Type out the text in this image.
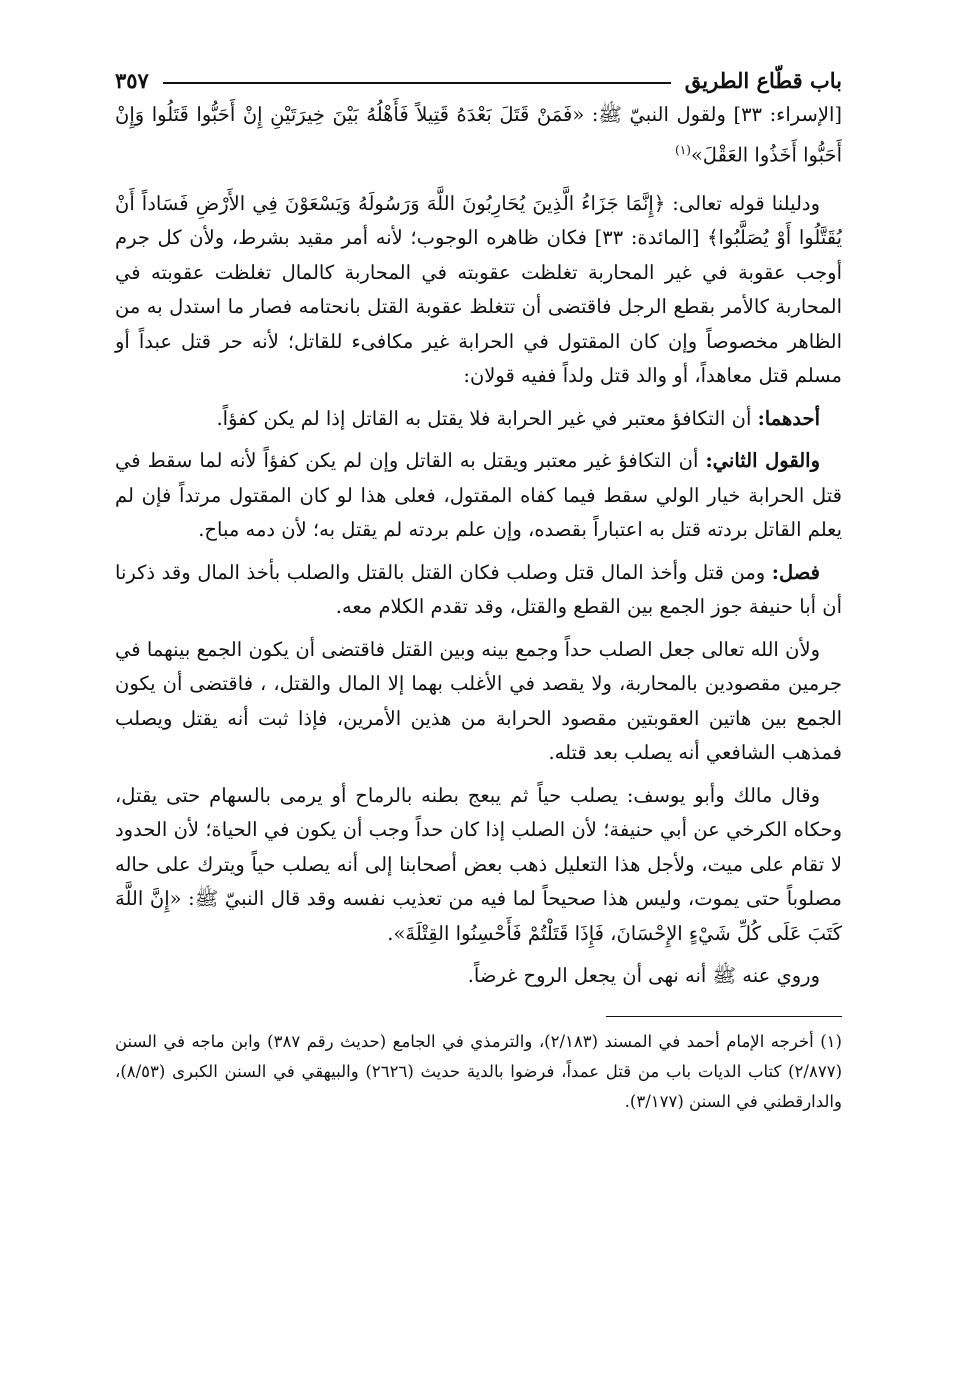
باب قطّاع الطريق
٣٥٧

[الإسراء: ٣٣] ولقول النبيّ ﷺ: «فَمَنْ قَتَلَ بَعْدَهُ قَتِيلاً فَأَهْلُهُ بَيْنَ خِيرَتَيْنِ إِنْ أَحَبُّوا قَتَلُوا وَإِنْ أَحَبُّوا أَخَذُوا العَقْلَ»$^{(١)}$

ودليلنا قوله تعالى: ﴿إِنَّمَا جَزَاءُ الَّذِينَ يُحَارِبُونَ اللَّهَ وَرَسُولَهُ وَيَسْعَوْنَ فِي الأَرْضِ فَسَاداً أَنْ يُقَتَّلُوا أَوْ يُصَلَّبُوا﴾ [المائدة: ٣٣] فكان ظاهره الوجوب؛ لأنه أمر مقيد بشرط، ولأن كل جرم أوجب عقوبة في غير المحاربة تغلظت عقوبته في المحاربة كالمال تغلظت عقوبته في المحاربة كالأمر بقطع الرجل فاقتضى أن تتغلظ عقوبة القتل بانحتامه فصار ما استدل به من الظاهر مخصوصاً وإن كان المقتول في الحرابة غير مكافىء للقاتل؛ لأنه حر قتل عبداً أو مسلم قتل معاهداً، أو والد قتل ولداً ففيه قولان:

أحدهما: أن التكافؤ معتبر في غير الحرابة فلا يقتل به القاتل إذا لم يكن كفؤاً.

والقول الثاني: أن التكافؤ غير معتبر ويقتل به القاتل وإن لم يكن كفؤاً لأنه لما سقط في قتل الحرابة خيار الولي سقط فيما كفاه المقتول، فعلى هذا لو كان المقتول مرتداً فإن لم يعلم القاتل بردته قتل به اعتباراً بقصده، وإن علم بردته لم يقتل به؛ لأن دمه مباح.

فصل: ومن قتل وأخذ المال قتل وصلب فكان القتل بالقتل والصلب بأخذ المال وقد ذكرنا أن أبا حنيفة جوز الجمع بين القطع والقتل، وقد تقدم الكلام معه.

ولأن الله تعالى جعل الصلب حداً وجمع بينه وبين القتل فاقتضى أن يكون الجمع بينهما في جرمين مقصودين بالمحاربة، ولا يقصد في الأغلب بهما إلا المال والقتل، ، فاقتضى أن يكون الجمع بين هاتين العقوبتين مقصود الحرابة من هذين الأمرين، فإذا ثبت أنه يقتل ويصلب فمذهب الشافعي أنه يصلب بعد قتله.

وقال مالك وأبو يوسف: يصلب حياً ثم يبعج بطنه بالرماح أو يرمى بالسهام حتى يقتل، وحكاه الكرخي عن أبي حنيفة؛ لأن الصلب إذا كان حداً وجب أن يكون في الحياة؛ لأن الحدود لا تقام على ميت، ولأجل هذا التعليل ذهب بعض أصحابنا إلى أنه يصلب حياً ويترك على حاله مصلوباً حتى يموت، وليس هذا صحيحاً لما فيه من تعذيب نفسه وقد قال النبيّ ﷺ: «إِنَّ اللَّهَ كَتَبَ عَلَى كُلِّ شَيْءٍ الإِحْسَانَ، فَإِذَا قَتَلْتُمْ فَأَحْسِنُوا القِتْلَةَ».

وروي عنه ﷺ أنه نهى أن يجعل الروح غرضاً.

(١) أخرجه الإمام أحمد في المسند (٢/١٨٣)، والترمذي في الجامع (حديث رقم ٣٨٧) وابن ماجه في السنن (٢/٨٧٧) كتاب الديات باب من قتل عمداً، فرضوا بالدية حديث (٢٦٢٦) والبيهقي في السنن الكبرى (٨/٥٣)، والدارقطني في السنن (٣/١٧٧).
